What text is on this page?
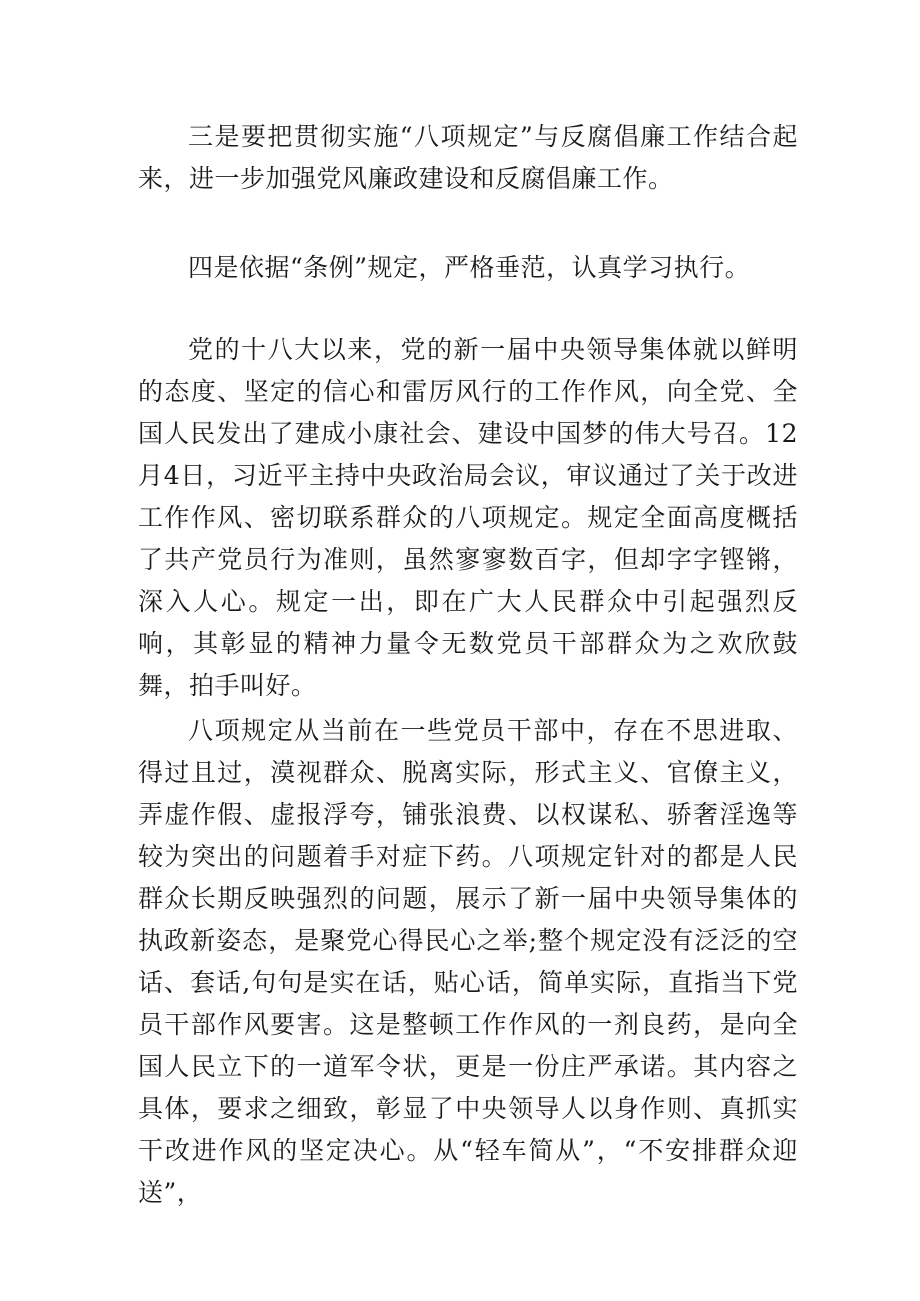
三是要把贯彻实施“八项规定”与反腐倡廉工作结合起来，进一步加强党风廉政建设和反腐倡廉工作。

四是依据“条例”规定，严格垂范，认真学习执行。

党的十八大以来，党的新一届中央领导集体就以鲜明的态度、坚定的信心和雷厉风行的工作作风，向全党、全国人民发出了建成小康社会、建设中国梦的伟大号召。12月4日，习近平主持中央政治局会议，审议通过了关于改进工作作风、密切联系群众的八项规定。规定全面高度概括了共产党员行为准则，虽然寥寥数百字，但却字字铿锵，深入人心。规定一出，即在广大人民群众中引起强烈反响，其彰显的精神力量令无数党员干部群众为之欢欣鼓舞，拍手叫好。

八项规定从当前在一些党员干部中，存在不思进取、得过且过，漠视群众、脱离实际，形式主义、官僚主义，弄虚作假、虚报浮夸，铺张浪费、以权谋私、骄奢淫逸等较为突出的问题着手对症下药。八项规定针对的都是人民群众长期反映强烈的问题，展示了新一届中央领导集体的执政新姿态，是聚党心得民心之举;整个规定没有泛泛的空话、套话,句句是实在话，贴心话，简单实际，直指当下党员干部作风要害。这是整顿工作作风的一剂良药，是向全国人民立下的一道军令状，更是一份庄严承诺。其内容之具体，要求之细致，彰显了中央领导人以身作则、真抓实干改进作风的坚定决心。从“轻车简从”，“不安排群众迎送”，
